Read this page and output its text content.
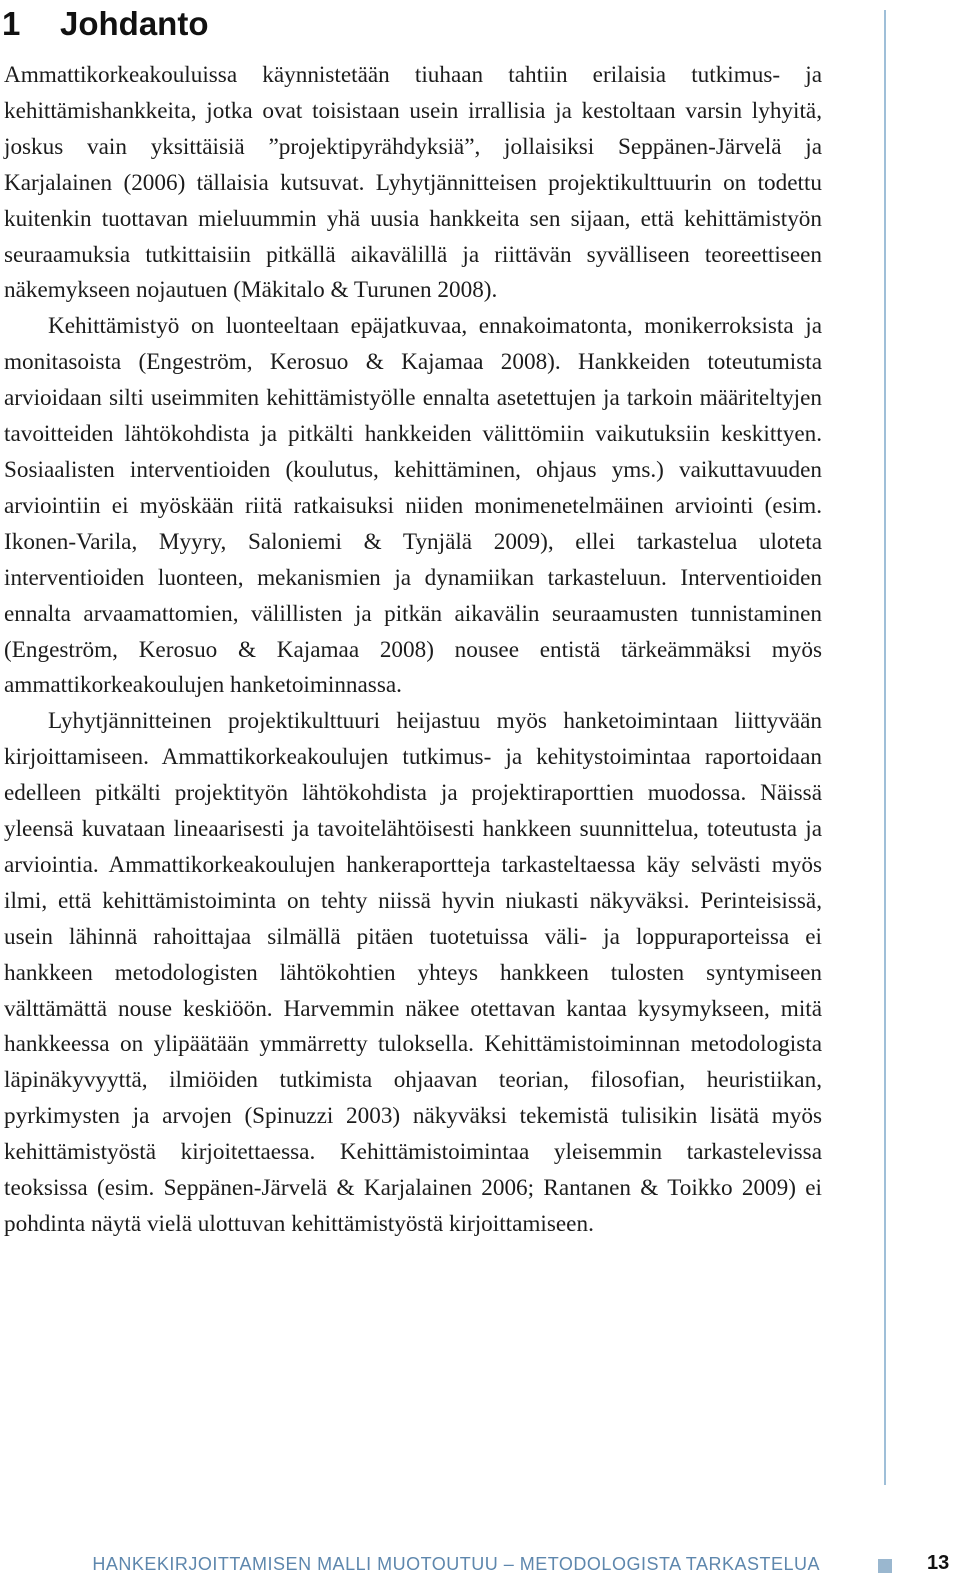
1 Johdanto

Ammattikorkeakouluissa käynnistetään tiuhaan tahtiin erilaisia tutkimus- ja kehittämishankkeita, jotka ovat toisistaan usein irrallisia ja kestoltaan varsin lyhyitä, joskus vain yksittäisiä ”projektipyrähdyksiä”, jollaisiksi Seppänen-Järvelä ja Karjalainen (2006) tällaisia kutsuvat. Lyhytjännitteisen projektikulttuurin on todettu kuitenkin tuottavan mieluummin yhä uusia hankkeita sen sijaan, että kehittämistyön seuraamuksia tutkittaisiin pitkällä aikavälillä ja riittävän syvälliseen teoreettiseen näkemykseen nojautuen (Mäkitalo & Turunen 2008).

Kehittämistyö on luonteeltaan epäjatkuvaa, ennakoimatonta, monikerroksista ja monitasoista (Engeström, Kerosuo & Kajamaa 2008). Hankkeiden toteutumista arvioidaan silti useimmiten kehittämistyölle ennalta asetettujen ja tarkoin määriteltyjen tavoitteiden lähtökohdista ja pitkälti hankkeiden välittömiin vaikutuksiin keskittyen. Sosiaalisten interventioiden (koulutus, kehittäminen, ohjaus yms.) vaikuttavuuden arviointiin ei myöskään riitä ratkaisuksi niiden monimenetelmäinen arviointi (esim. Ikonen-Varila, Myyry, Saloniemi & Tynjälä 2009), ellei tarkastelua uloteta interventioiden luonteen, mekanismien ja dynamiikan tarkasteluun. Interventioiden ennalta arvaamattomien, välillisten ja pitkän aikavälin seuraamusten tunnistaminen (Engeström, Kerosuo & Kajamaa 2008) nousee entistä tärkeämmäksi myös ammattikorkeakoulujen hanketoiminnassa.

Lyhytjännitteinen projektikulttuuri heijastuu myös hanketoimintaan liittyvään kirjoittamiseen. Ammattikorkeakoulujen tutkimus- ja kehitystoimintaa raportoidaan edelleen pitkälti projektityön lähtökohdista ja projektiraporttien muodossa. Näissä yleensä kuvataan lineaarisesti ja tavoitelähtöisesti hankkeen suunnittelua, toteutusta ja arviointia. Ammattikorkeakoulujen hankeraportteja tarkasteltaessa käy selvästi myös ilmi, että kehittämistoiminta on tehty niissä hyvin niukasti näkyväksi. Perinteisissä, usein lähinnä rahoittajaa silmällä pitäen tuotetuissa väli- ja loppuraporteissa ei hankkeen metodologisten lähtökohtien yhteys hankkeen tulosten syntymiseen välttämättä nouse keskiöön. Harvemmin näkee otettavan kantaa kysymykseen, mitä hankkeessa on ylipäätään ymmärretty tuloksella. Kehittämistoiminnan metodologista läpinäkyvyyttä, ilmiöiden tutkimista ohjaavan teorian, filosofian, heuristiikan, pyrkimysten ja arvojen (Spinuzzi 2003) näkyväksi tekemistä tulisikin lisätä myös kehittämistyöstä kirjoitettaessa. Kehittämistoimintaa yleisemmin tarkastelevissa teoksissa (esim. Seppänen-Järvelä & Karjalainen 2006; Rantanen & Toikko 2009) ei pohdinta näytä vielä ulottuvan kehittämistyöstä kirjoittamiseen.

HANKEKIRJOITTAMISEN MALLI MUOTOUTUU – METODOLOGISTA TARKASTELUA	13
